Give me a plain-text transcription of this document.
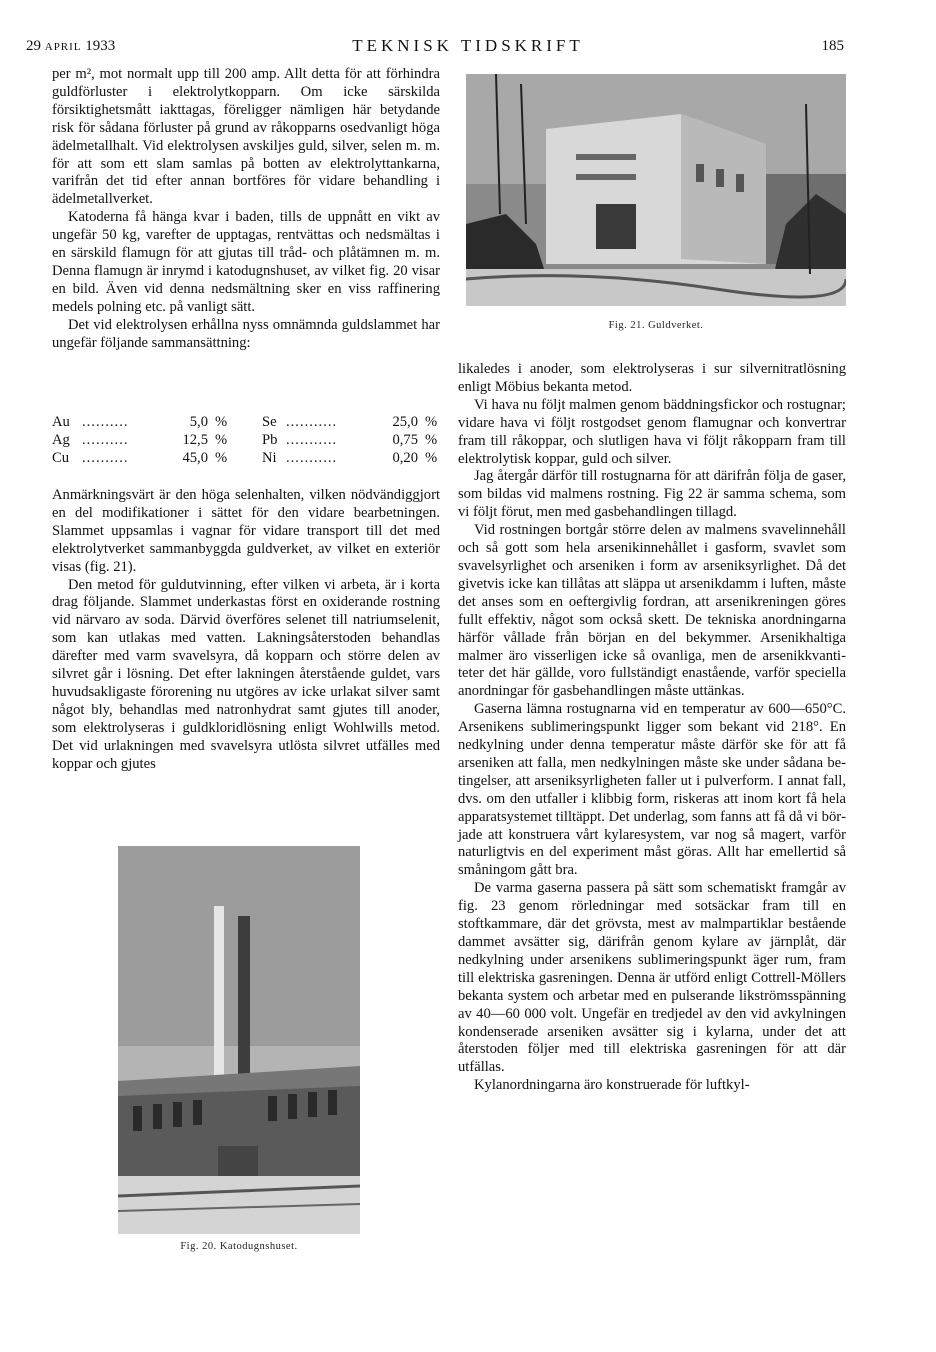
29 APRIL 1933	TEKNISK TIDSKRIFT	185

per m², mot normalt upp till 200 amp. Allt detta för att förhindra guldförluster i elektrolytkopparn. Om icke särskilda försiktighetsmått iakttagas, föreligger nämligen här betydande risk för sådana förluster på grund av råkopparns osedvanligt höga ädelmetallhalt. Vid elektrolysen avskiljes guld, silver, selen m. m. för att som ett slam samlas på botten av elektrolyttankarna, varifrån det tid efter annan bortföres för vidare behandling i ädelmetallverket.

Katoderna få hänga kvar i baden, tills de uppnått en vikt av ungefär 50 kg, varefter de upptagas, rentvättas och nedsmältas i en särskild flamugn för att gjutas till tråd- och plåtämnen m. m. Denna flamugn är inrymd i katodugnshuset, av vilket fig. 20 visar en bild. Även vid denna nedsmältning sker en viss raffinering medels polning etc. på vanligt sätt.

Det vid elektrolysen erhållna nyss omnämnda guldslammet har ungefär följande sammansättning:

Au ..........	5,0 % Se ...........	25,0 %
Ag ..........	12,5 % Pb ...........	0,75 %
Cu ..........	45,0 % Ni ...........	0,20 %

Anmärkningsvärt är den höga selenhalten, vilken nödvändiggjort en del modifikationer i sättet för den vidare bearbetningen. Slammet uppsamlas i vagnar för vidare transport till det med elektrolytverket sammanbyggda guldverket, av vilket en exteriör visas (fig. 21).

Den metod för guldutvinning, efter vilken vi arbeta, är i korta drag följande. Slammet underkastas först en oxiderande rostning vid närvaro av soda. Därvid överföres selenet till natriumselenit, som kan utlakas med vatten. Lakningsåterstoden behandlas därefter med varm svavelsyra, då kopparn och större delen av silvret går i lösning. Det efter lakningen återstående guldet, vars huvudsakligaste förorening nu utgöres av icke urlakat silver samt något bly, behandlas med natronhydrat samt gjutes till anoder, som elektrolyseras i guldkloridlösning enligt Wohlwills metod. Det vid urlakningen med svavelsyra utlösta silvret utfälles med koppar och gjutes

Fig. 21. Guldverket.

likaledes i anoder, som elektrolyseras i sur silvernitratlösning enligt Möbius bekanta metod.

Vi hava nu följt malmen genom bäddningsfickor och rostugnar; vidare hava vi följt rostgodset genom flamugnar och konvertrar fram till råkoppar, och slutligen hava vi följt råkopparn fram till elektrolytisk koppar, guld och silver.

Jag återgår därför till rostugnarna för att därifrån följa de gaser, som bildas vid malmens rostning. Fig 22 är samma schema, som vi följt förut, men med gasbehandlingen tillagd.

Vid rostningen bortgår större delen av malmens svavelinnehåll och så gott som hela arsenikinnehållet i gasform, svavlet som svavelsyrlighet och arseniken i form av arseniksyrlighet. Då det givetvis icke kan tillåtas att släppa ut arsenikdamm i luften, måste det anses som en oeftergivlig fordran, att arsenikreningen göres fullt effektiv, något som också skett. De tekniska anordningarna härför vållade från början en del bekymmer. Arsenikhaltiga malmer äro visserligen icke så ovanliga, men de arsenikkvantiteter det här gällde, voro fullständigt enastående, varför speciella anordningar för gasbehandlingen måste uttänkas.

Gaserna lämna rostugnarna vid en temperatur av 600—650°C. Arsenikens sublimeringspunkt ligger som bekant vid 218°. En nedkylning under denna temperatur måste därför ske för att få arseniken att falla, men nedkylningen måste ske under sådana betingelser, att arseniksyrligheten faller ut i pulverform. I annat fall, dvs. om den utfaller i klibbig form, riskeras att inom kort få hela apparatsystemet tilltäppt. Det underlag, som fanns att få då vi började att konstruera vårt kylaresystem, var nog så magert, varför naturligtvis en del experiment måst göras. Allt har emellertid så småningom gått bra.

De varma gaserna passera på sätt som schematiskt framgår av fig. 23 genom rörledningar med sotsäckar fram till en stoftkammare, där det grövsta, mest av malmpartiklar bestående dammet avsätter sig, därifrån genom kylare av järnplåt, där nedkylning under arsenikens sublimeringspunkt äger rum, fram till elektriska gasreningen. Denna är utförd enligt Cottrell-Möllers bekanta system och arbetar med en pulserande likströmsspänning av 40—60 000 volt. Ungefär en tredjedel av den vid avkylningen kondenserade arseniken avsätter sig i kylarna, under det att återstoden följer med till elektriska gasreningen för att där utfällas.

Kylanordningarna äro konstruerade för luftkyl-

Fig. 20. Katodugnshuset.
